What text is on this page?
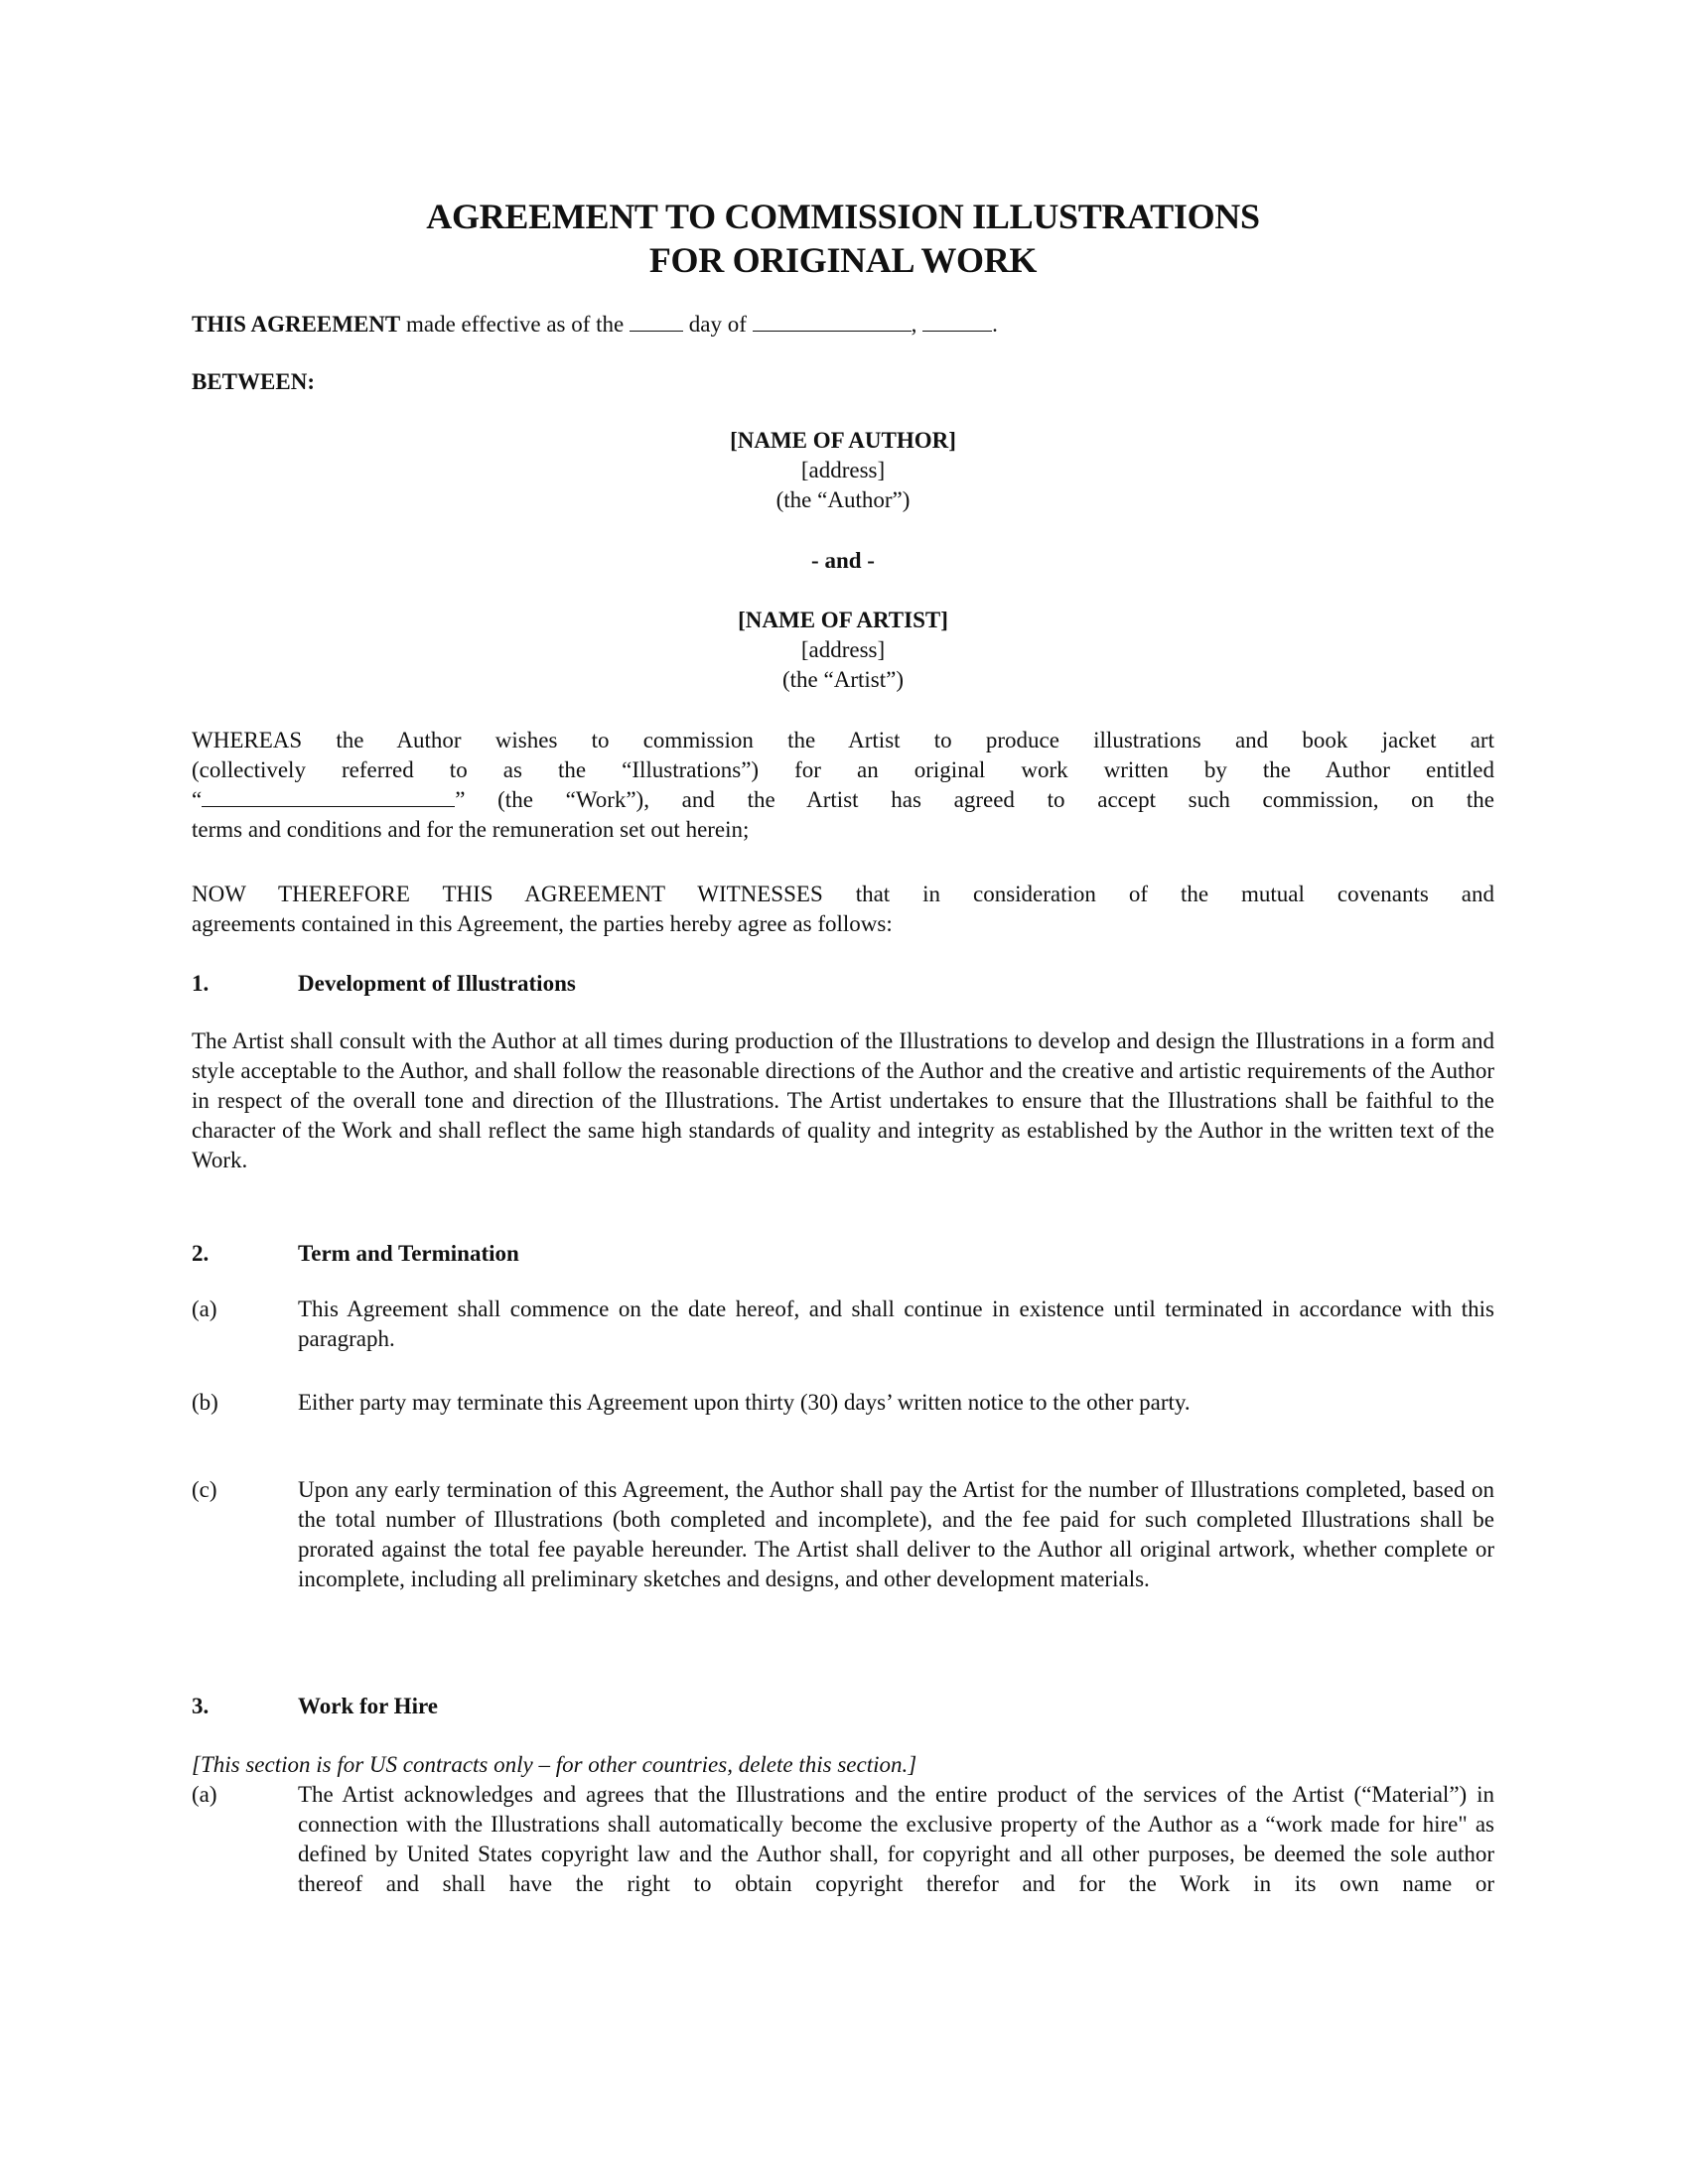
AGREEMENT TO COMMISSION ILLUSTRATIONS
FOR ORIGINAL WORK
THIS AGREEMENT made effective as of the  day of	,	.
BETWEEN:
[NAME OF AUTHOR]
[address]
(the “Author”)
- and -
[NAME OF ARTIST]
[address]
(the “Artist”)
WHEREAS the Author wishes to commission the Artist to produce illustrations and book jacket art
(collectively referred to as the “Illustrations”) for an original work written by the Author entitled
“	” (the “Work”), and the Artist has agreed to accept such commission, on the
terms and conditions and for the remuneration set out herein;
NOW THEREFORE THIS AGREEMENT WITNESSES that in consideration of the mutual covenants and
agreements contained in this Agreement, the parties hereby agree as follows:
1.	Development of Illustrations
The Artist shall consult with the Author at all times during production of the Illustrations to develop and design the Illustrations in a form and style acceptable to the Author, and shall follow the reasonable directions of the Author and the creative and artistic requirements of the Author in respect of the overall tone and direction of the Illustrations. The Artist undertakes to ensure that the Illustrations shall be faithful to the character of the Work and shall reflect the same high standards of quality and integrity as established by the Author in the written text of the Work.
2.	Term and Termination
(a)	This Agreement shall commence on the date hereof, and shall continue in existence until terminated in accordance with this paragraph.
(b)	Either party may terminate this Agreement upon thirty (30) days’ written notice to the other party.
(c)	Upon any early termination of this Agreement, the Author shall pay the Artist for the number of Illustrations completed, based on the total number of Illustrations (both completed and incomplete), and the fee paid for such completed Illustrations shall be prorated against the total fee payable hereunder. The Artist shall deliver to the Author all original artwork, whether complete or incomplete, including all preliminary sketches and designs, and other development materials.
3.	Work for Hire
[This section is for US contracts only – for other countries, delete this section.]
(a)	The Artist acknowledges and agrees that the Illustrations and the entire product of the services of the Artist (“Material”) in connection with the Illustrations shall automatically become the exclusive property of the Author as a “work made for hire" as defined by United States copyright law and the Author shall, for copyright and all other purposes, be deemed the sole author thereof and shall have the right to obtain copyright therefor and for the Work in its own name or
